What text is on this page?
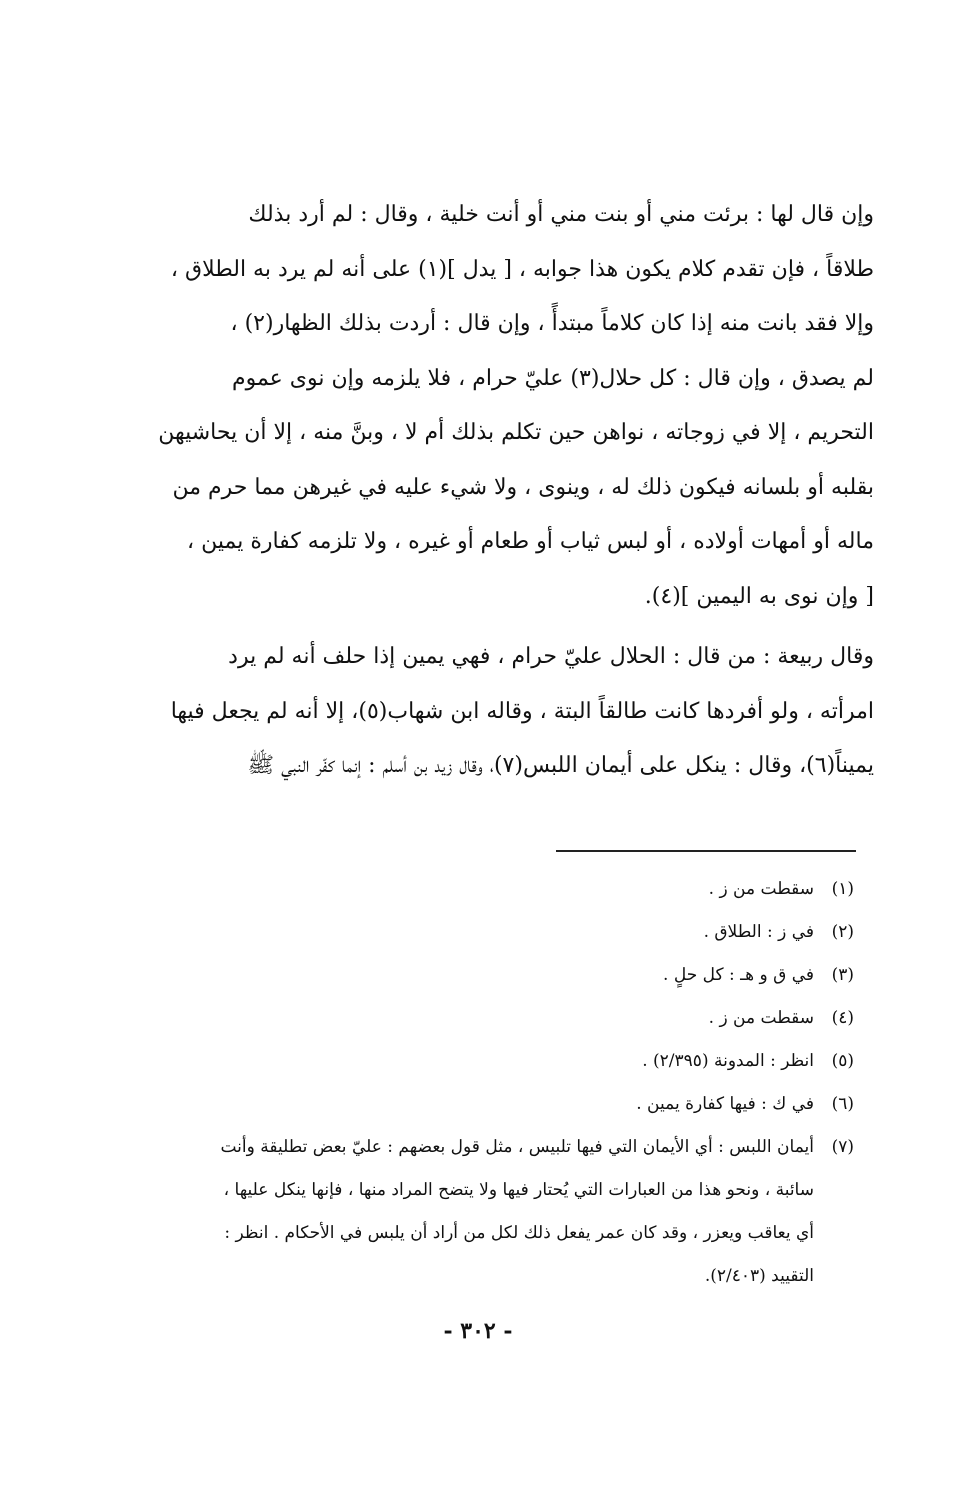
وإن قال لها : برئت مني أو بنت مني أو أنت خلية ، وقال : لم أرد بذلك
طلاقاً ، فإن تقدم كلام يكون هذا جوابه ، [ يدل ](١) على أنه لم يرد به الطلاق ،
وإلا فقد بانت منه إذا كان كلاماً مبتدأً ، وإن قال : أردت بذلك الظهار(٢) ،
لم يصدق ، وإن قال : كل حلال(٣) عليّ حرام ، فلا يلزمه وإن نوى عموم
التحريم ، إلا في زوجاته ، نواهن حين تكلم بذلك أم لا ، وبنَّ منه ، إلا أن يحاشيهن
بقلبه أو بلسانه فيكون ذلك له ، وينوى ، ولا شيء عليه في غيرهن مما حرم من
ماله أو أمهات أولاده ، أو لبس ثياب أو طعام أو غيره ، ولا تلزمه كفارة يمين ،
[ وإن نوى به اليمين ](٤).

وقال ربيعة : من قال : الحلال عليّ حرام ، فهي يمين إذا حلف أنه لم يرد
امرأته ، ولو أفردها كانت طالقاً البتة ، وقاله ابن شهاب(٥)، إلا أنه لم يجعل فيها
يميناً(٦)، وقال : ينكل على أيمان اللبس(٧)، وقال زيد بن أسلم : إنما كفّر النبي ﷺ

(١)
سقطت من ز .
(٢)
في ز : الطلاق .
(٣)
في ق و هـ : كل حلٍ .
(٤)
سقطت من ز .
(٥)
انظر : المدونة (٢/٣٩٥) .
(٦)
في ك : فيها كفارة يمين .
(٧)
أيمان اللبس : أي الأيمان التي فيها تلبيس ، مثل قول بعضهم : عليّ بعض تطليقة وأنت
سائبة ، ونحو هذا من العبارات التي يُحتار فيها ولا يتضح المراد منها ، فإنها ينكل عليها ،
أي يعاقب ويعزر ، وقد كان عمر يفعل ذلك لكل من أراد أن يلبس في الأحكام . انظر :
التقييد (٢/٤٠٣).
- ٣٠٢ -
